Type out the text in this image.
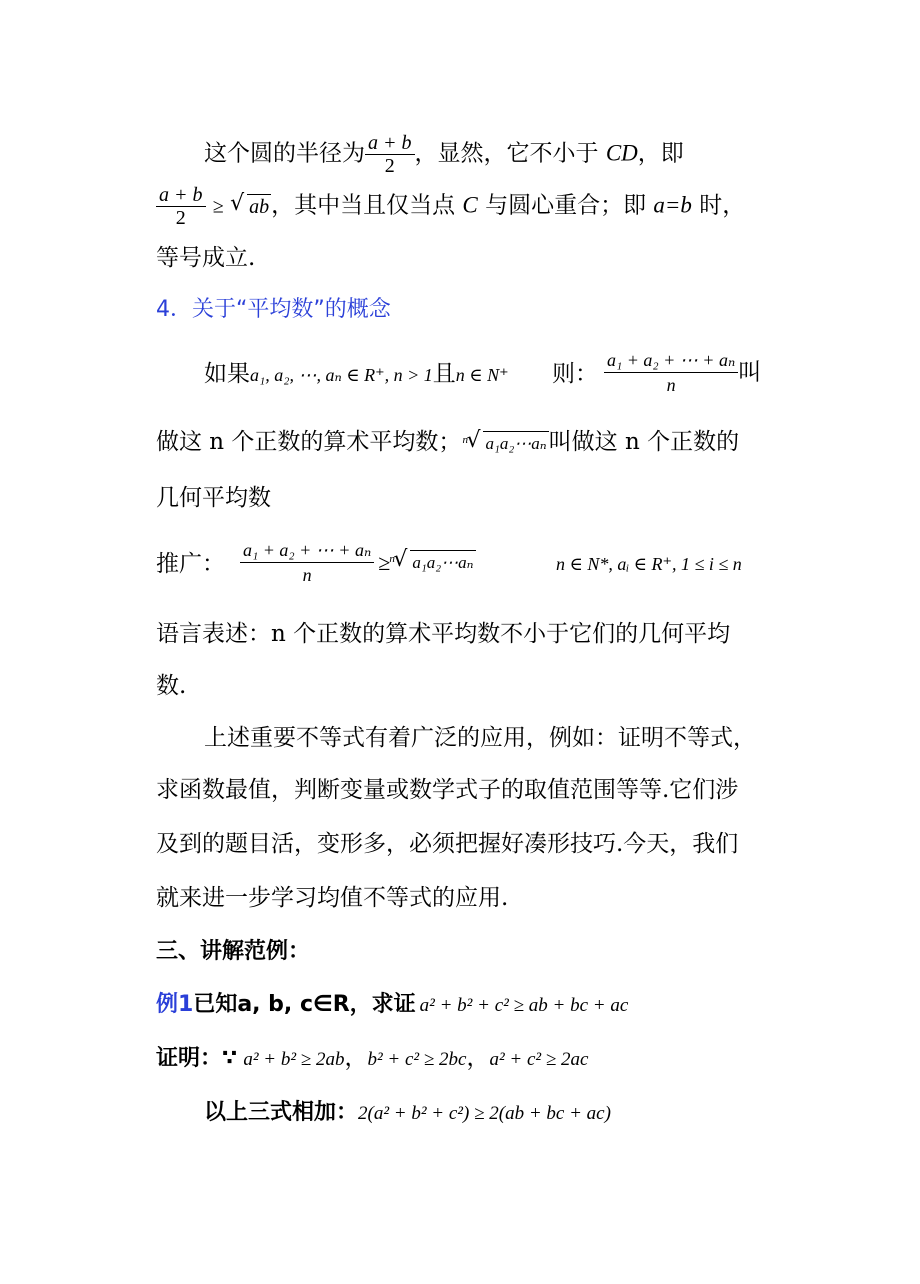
这个圆的半径为 $\frac{a + b}{2}$ ，显然，它不小于 CD，即
$\frac{a + b}{2}$ ≥ √ ab，其中当且仅当点 C 与圆心重合；即 a=b 时，
等号成立.
4．关于“平均数”的概念
如果a₁, a₂, ⋯, aₙ ∈ R⁺, n > 1且n ∈ N⁺ 则： $\frac{\text{a₁ + a₂ + ⋯ + aₙ}}{n}$ 叫
做这 n 个正数的算术平均数； n
√ a₁a₂⋯aₙ叫做这 n 个正数的
几何平均数
推广： $\frac{\text{a₁ + a₂ + ⋯ + aₙ}}{n} \ge n$
√ a₁a₂⋯aₙ	n ∈ N*, aᵢ ∈ R⁺, 1 ≤ i ≤ n
语言表述：n 个正数的算术平均数不小于它们的几何平均
数.
上述重要不等式有着广泛的应用，例如：证明不等式，
求函数最值，判断变量或数学式子的取值范围等等.它们涉
及到的题目活，变形多，必须把握好凑形技巧.今天，我们
就来进一步学习均值不等式的应用.
三、讲解范例：
例1已知a, b, c∈R，求证 a² + b² + c² ≥ ab + bc + ac
证明：∵ a² + b² ≥ 2ab，b² + c² ≥ 2bc，a² + c² ≥ 2ac
以上三式相加：2(a² + b² + c²) ≥ 2(ab + bc + ac)
